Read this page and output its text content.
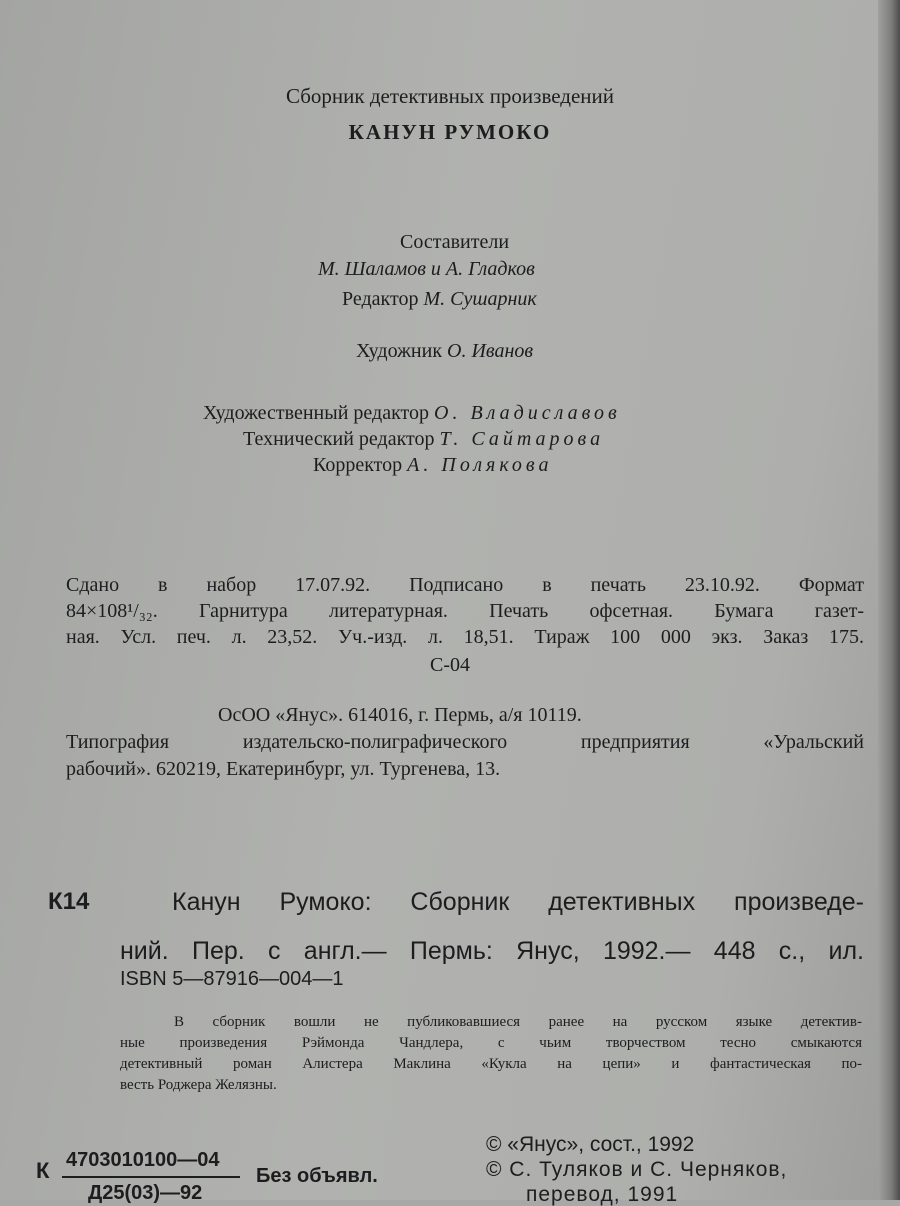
Сборник детективных произведений
КАНУН РУМОКО
Составители
М. Шаламов и А. Гладков
Редактор М. Сушарник
Художник О. Иванов
Художественный редактор О. Владиславов
Технический редактор Т. Сайтарова
Корректор А. Полякова
Сдано в набор 17.07.92. Подписано в печать 23.10.92. Формат
84×108¹/₃₂. Гарнитура литературная. Печать офсетная. Бумага газет-
ная. Усл. печ. л. 23,52. Уч.-изд. л. 18,51. Тираж 100 000 экз. Заказ 175.
С-04
ОсОО «Янус». 614016, г. Пермь, а/я 10119.
Типография издательско-полиграфического предприятия «Уральский
рабочий». 620219, Екатеринбург, ул. Тургенева, 13.
К14	Канун Румоко: Сборник детективных произведе-
ний. Пер. с англ.— Пермь: Янус, 1992.— 448 с., ил.
ISBN 5—87916—004—1
В сборник вошли не публиковавшиеся ранее на русском языке детектив-
ные произведения Рэймонда Чандлера, с чьим творчеством тесно смыкаются
детективный роман Алистера Маклина «Кукла на цепи» и фантастическая по-
весть Роджера Желязны.
К 4703010100—04
Д25(03)—92
Без объявл.
© «Янус», сост., 1992
© С. Туляков и С. Черняков,
перевод, 1991
